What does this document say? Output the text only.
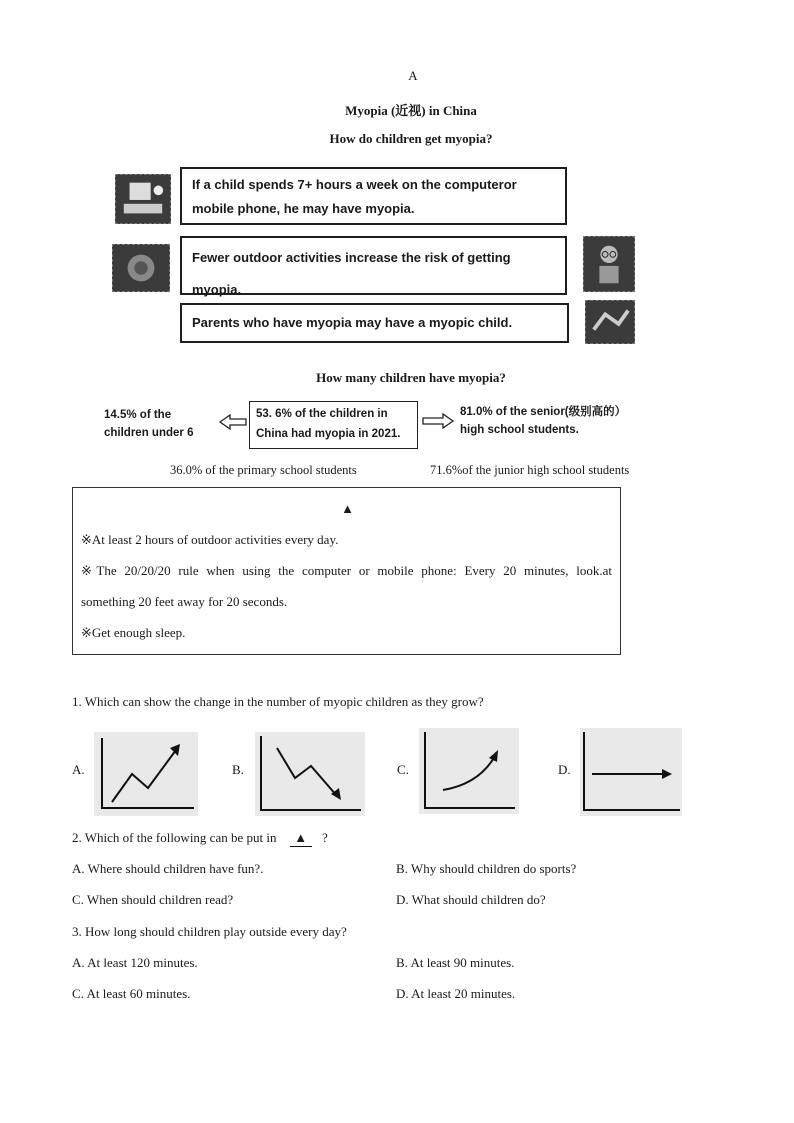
A
Myopia (近视) in China
How do children get myopia?
If a child spends 7+ hours a week on the computeror mobile phone, he may have myopia.
Fewer outdoor activities increase the risk of getting myopia.
Parents who have myopia may have a myopic child.
How many children have myopia?
14.5% of the children under 6
53. 6% of the children in China had myopia in 2021.
81.0% of the senior(级别高的）high school students.
36.0% of the primary school students	71.6%of the junior high school students
▲
※At least 2 hours of outdoor activities every day.
※The 20/20/20 rule when using the computer or mobile phone: Every 20 minutes, look.at
something 20 feet away for 20 seconds.
※Get enough sleep.
1. Which can show the change in the number of myopic children as they grow?
A.	B.	C.	D.
2. Which of the following can be put in ▲ ?
A. Where should children have fun?.	B. Why should children do sports?
C. When should children read?	D. What should children do?
3. How long should children play outside every day?
A. At least 120 minutes.	B. At least 90 minutes.
C. At least 60 minutes.	D. At least 20 minutes.
